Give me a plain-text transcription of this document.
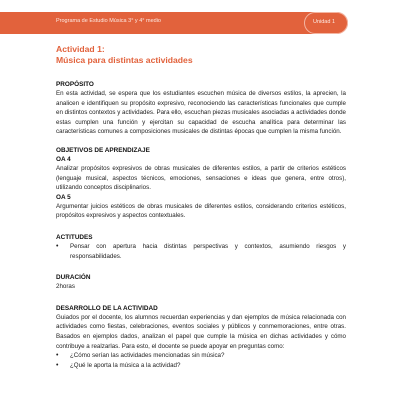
Programa de Estudio Música 3° y 4° medio	Unidad 1
Actividad 1:
Música para distintas actividades
PROPÓSITO
En esta actividad, se espera que los estudiantes escuchen música de diversos estilos, la aprecien, la analicen e identifiquen su propósito expresivo, reconociendo las características funcionales que cumple en distintos contextos y actividades. Para ello, escuchan piezas musicales asociadas a actividades donde estas cumplen una función y ejercitan su capacidad de escucha analítica para determinar las características comunes a composiciones musicales de distintas épocas que cumplen la misma función.
OBJETIVOS DE APRENDIZAJE
OA 4
Analizar propósitos expresivos de obras musicales de diferentes estilos, a partir de criterios estéticos (lenguaje musical, aspectos técnicos, emociones, sensaciones e ideas que genera, entre otros), utilizando conceptos disciplinarios.
OA 5
Argumentar juicios estéticos de obras musicales de diferentes estilos, considerando criterios estéticos, propósitos expresivos y aspectos contextuales.
ACTITUDES
• Pensar con apertura hacia distintas perspectivas y contextos, asumiendo riesgos y responsabilidades.
DURACIÓN
2horas
DESARROLLO DE LA ACTIVIDAD
Guiados por el docente, los alumnos recuerdan experiencias y dan ejemplos de música relacionada con actividades como fiestas, celebraciones, eventos sociales y públicos y conmemoraciones, entre otras. Basados en ejemplos dados, analizan el papel que cumple la música en dichas actividades y cómo contribuye a realzarlas. Para esto, el docente se puede apoyar en preguntas como:
• ¿Cómo serían las actividades mencionadas sin música?
• ¿Qué le aporta la música a la actividad?
